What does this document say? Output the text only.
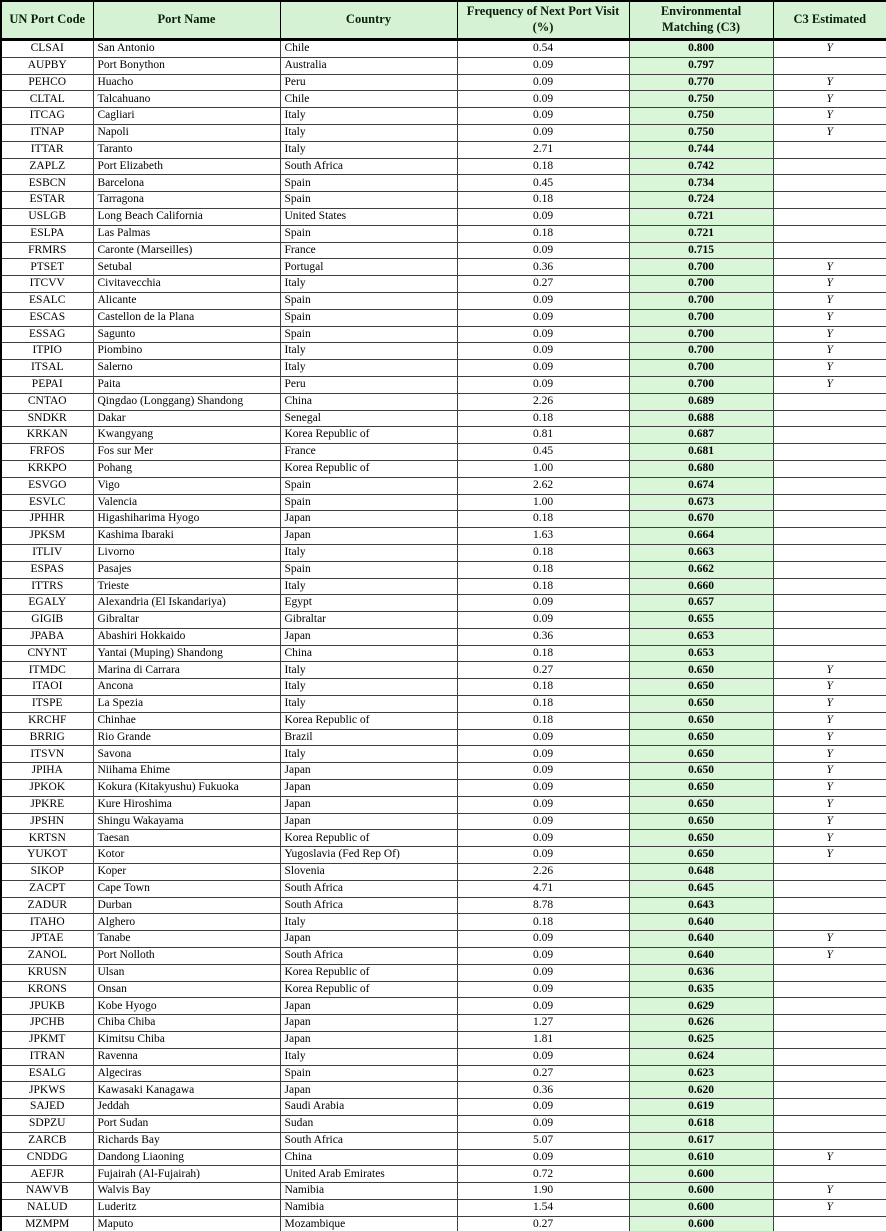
UN Port Code	Port Name	Country	Frequency of Next Port Visit (%)	Environmental Matching (C3)	C3 Estimated
CLSAI	San Antonio	Chile	0.54	0.800	Y
AUPBY	Port Bonython	Australia	0.09	0.797	
PEHCO	Huacho	Peru	0.09	0.770	Y
CLTAL	Talcahuano	Chile	0.09	0.750	Y
ITCAG	Cagliari	Italy	0.09	0.750	Y
ITNAP	Napoli	Italy	0.09	0.750	Y
ITTAR	Taranto	Italy	2.71	0.744	
ZAPLZ	Port Elizabeth	South Africa	0.18	0.742	
ESBCN	Barcelona	Spain	0.45	0.734	
ESTAR	Tarragona	Spain	0.18	0.724	
USLGB	Long Beach California	United States	0.09	0.721	
ESLPA	Las Palmas	Spain	0.18	0.721	
FRMRS	Caronte (Marseilles)	France	0.09	0.715	
PTSET	Setubal	Portugal	0.36	0.700	Y
ITCVV	Civitavecchia	Italy	0.27	0.700	Y
ESALC	Alicante	Spain	0.09	0.700	Y
ESCAS	Castellon de la Plana	Spain	0.09	0.700	Y
ESSAG	Sagunto	Spain	0.09	0.700	Y
ITPIO	Piombino	Italy	0.09	0.700	Y
ITSAL	Salerno	Italy	0.09	0.700	Y
PEPAI	Paita	Peru	0.09	0.700	Y
CNTAO	Qingdao (Longgang) Shandong	China	2.26	0.689	
SNDKR	Dakar	Senegal	0.18	0.688	
KRKAN	Kwangyang	Korea Republic of	0.81	0.687	
FRFOS	Fos sur Mer	France	0.45	0.681	
KRKPO	Pohang	Korea Republic of	1.00	0.680	
ESVGO	Vigo	Spain	2.62	0.674	
ESVLC	Valencia	Spain	1.00	0.673	
JPHHR	Higashiharima Hyogo	Japan	0.18	0.670	
JPKSM	Kashima Ibaraki	Japan	1.63	0.664	
ITLIV	Livorno	Italy	0.18	0.663	
ESPAS	Pasajes	Spain	0.18	0.662	
ITTRS	Trieste	Italy	0.18	0.660	
EGALY	Alexandria (El Iskandariya)	Egypt	0.09	0.657	
GIGIB	Gibraltar	Gibraltar	0.09	0.655	
JPABA	Abashiri Hokkaido	Japan	0.36	0.653	
CNYNT	Yantai (Muping) Shandong	China	0.18	0.653	
ITMDC	Marina di Carrara	Italy	0.27	0.650	Y
ITAOI	Ancona	Italy	0.18	0.650	Y
ITSPE	La Spezia	Italy	0.18	0.650	Y
KRCHF	Chinhae	Korea Republic of	0.18	0.650	Y
BRRIG	Rio Grande	Brazil	0.09	0.650	Y
ITSVN	Savona	Italy	0.09	0.650	Y
JPIHA	Niihama Ehime	Japan	0.09	0.650	Y
JPKOK	Kokura (Kitakyushu) Fukuoka	Japan	0.09	0.650	Y
JPKRE	Kure Hiroshima	Japan	0.09	0.650	Y
JPSHN	Shingu Wakayama	Japan	0.09	0.650	Y
KRTSN	Taesan	Korea Republic of	0.09	0.650	Y
YUKOT	Kotor	Yugoslavia (Fed Rep Of)	0.09	0.650	Y
SIKOP	Koper	Slovenia	2.26	0.648	
ZACPT	Cape Town	South Africa	4.71	0.645	
ZADUR	Durban	South Africa	8.78	0.643	
ITAHO	Alghero	Italy	0.18	0.640	
JPTAE	Tanabe	Japan	0.09	0.640	Y
ZANOL	Port Nolloth	South Africa	0.09	0.640	Y
KRUSN	Ulsan	Korea Republic of	0.09	0.636	
KRONS	Onsan	Korea Republic of	0.09	0.635	
JPUKB	Kobe Hyogo	Japan	0.09	0.629	
JPCHB	Chiba Chiba	Japan	1.27	0.626	
JPKMT	Kimitsu Chiba	Japan	1.81	0.625	
ITRAN	Ravenna	Italy	0.09	0.624	
ESALG	Algeciras	Spain	0.27	0.623	
JPKWS	Kawasaki Kanagawa	Japan	0.36	0.620	
SAJED	Jeddah	Saudi Arabia	0.09	0.619	
SDPZU	Port Sudan	Sudan	0.09	0.618	
ZARCB	Richards Bay	South Africa	5.07	0.617	
CNDDG	Dandong Liaoning	China	0.09	0.610	Y
AEFJR	Fujairah (Al-Fujairah)	United Arab Emirates	0.72	0.600	
NAWVB	Walvis Bay	Namibia	1.90	0.600	Y
NALUD	Luderitz	Namibia	1.54	0.600	Y
MZMPM	Maputo	Mozambique	0.27	0.600	
